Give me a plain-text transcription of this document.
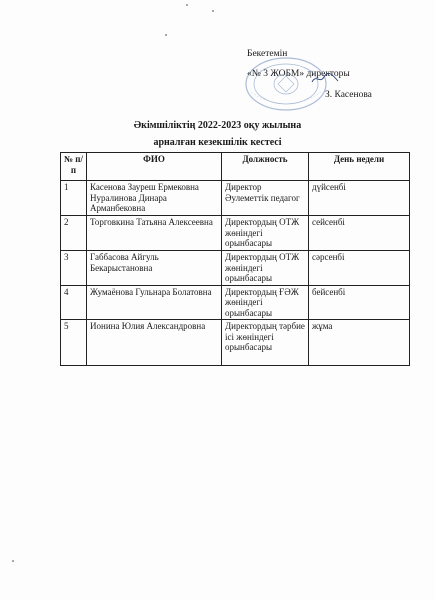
Бекетемін
«№ 3 ЖОБМ» директоры
З. Касенова
Әкімшіліктің 2022-2023 оқу жылына
арналған кезекшілік кестесі
№ п/п	ФИО	Должность	День недели
1	Касенова Зауреш Ермековна Нуралинова Динара Арманбековна	Директор Әулеметтік педагог	дүйсенбі
2	Торговкина Татьяна Алексеевна	Директордың ОТЖ жөніндегі орынбасары	сейсенбі
3	Габбасова Айгуль Бекарыстановна	Директордың ОТЖ жөніндегі орынбасары	сәрсенбі
4	Жумаёнова Гульнара Болатовна	Директордың ҒӘЖ жөніндегі орынбасары	бейсенбі
5	Ионина Юлия Александровна	Директордың тәрбие ісі жөніндегі орынбасары	жұма
